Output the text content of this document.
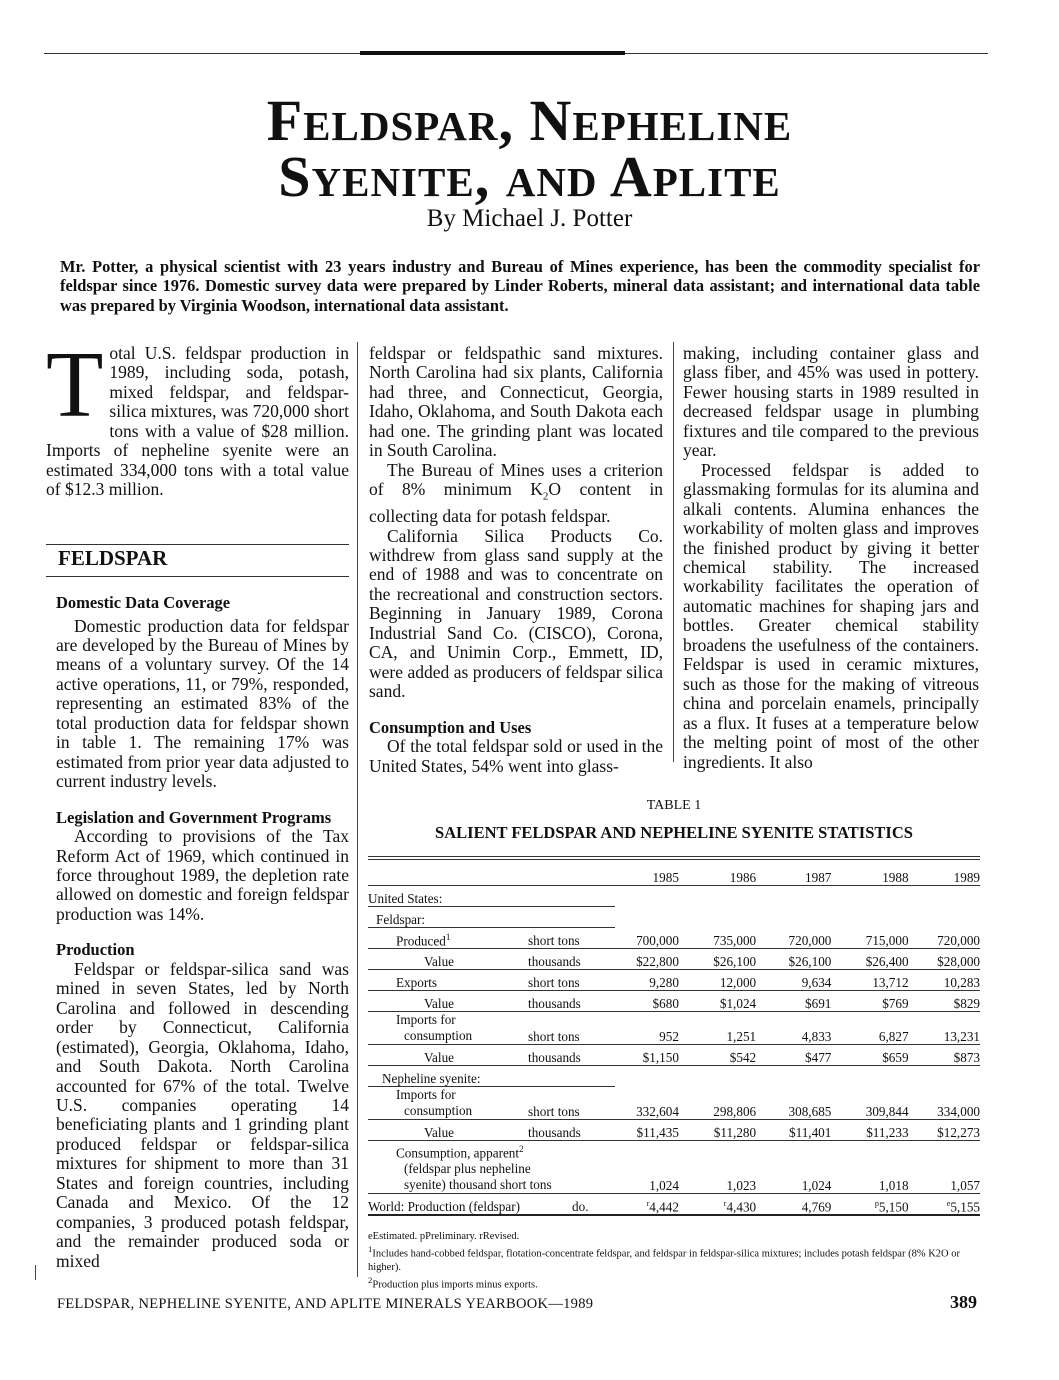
Feldspar, Nepheline
Syenite, and Aplite
By Michael J. Potter
Mr. Potter, a physical scientist with 23 years industry and Bureau of Mines experience, has been the commodity specialist for feldspar since 1976. Domestic survey data were prepared by Linder Roberts, mineral data assistant; and international data table was prepared by Virginia Woodson, international data assistant.

Total U.S. feldspar production in 1989, including soda, potash, mixed feldspar, and feldspar-silica mixtures, was 720,000 short tons with a value of $28 million. Imports of nepheline syenite were an estimated 334,000 tons with a total value of $12.3 million.

FELDSPAR
Domestic Data Coverage

Domestic production data for feldspar are developed by the Bureau of Mines by means of a voluntary survey. Of the 14 active operations, 11, or 79%, responded, representing an estimated 83% of the total production data for feldspar shown in table 1. The remaining 17% was estimated from prior year data adjusted to current industry levels.

Legislation and Government Programs

According to provisions of the Tax Reform Act of 1969, which continued in force throughout 1989, the depletion rate allowed on domestic and foreign feldspar production was 14%.

Production

Feldspar or feldspar-silica sand was mined in seven States, led by North Carolina and followed in descending order by Connecticut, California (estimated), Georgia, Oklahoma, Idaho, and South Dakota. North Carolina accounted for 67% of the total. Twelve U.S. companies operating 14 beneficiating plants and 1 grinding plant produced feldspar or feldspar-silica mixtures for shipment to more than 31 States and foreign countries, including Canada and Mexico. Of the 12 companies, 3 produced potash feldspar, and the remainder produced soda or mixed

feldspar or feldspathic sand mixtures. North Carolina had six plants, California had three, and Connecticut, Georgia, Idaho, Oklahoma, and South Dakota each had one. The grinding plant was located in South Carolina.

The Bureau of Mines uses a criterion of 8% minimum $K_2O$ content in collecting data for potash feldspar.

California Silica Products Co. withdrew from glass sand supply at the end of 1988 and was to concentrate on the recreational and construction sectors. Beginning in January 1989, Corona Industrial Sand Co. (CISCO), Corona, CA, and Unimin Corp., Emmett, ID, were added as producers of feldspar silica sand.

Consumption and Uses

Of the total feldspar sold or used in the United States, 54% went into glass-

making, including container glass and glass fiber, and 45% was used in pottery. Fewer housing starts in 1989 resulted in decreased feldspar usage in plumbing fixtures and tile compared to the previous year.

Processed feldspar is added to glassmaking formulas for its alumina and alkali contents. Alumina enhances the workability of molten glass and improves the finished product by giving it better chemical stability. The increased workability facilitates the operation of automatic machines for shaping jars and bottles. Greater chemical stability broadens the usefulness of the containers. Feldspar is used in ceramic mixtures, such as those for the making of vitreous china and porcelain enamels, principally as a flux. It fuses at a temperature below the melting point of most of the other ingredients. It also

TABLE 1
SALIENT FELDSPAR AND NEPHELINE SYENITE STATISTICS
		1985	1986	1987	1988	1989
United States:						
Feldspar:						
Produced$^1$	short tons	700,000	735,000	720,000	715,000	720,000
Value	thousands	$22,800	$26,100	$26,100	$26,400	$28,000
Exports	short tons	9,280	12,000	9,634	13,712	10,283
Value	thousands	$680	$1,024	$691	$769	$829
Imports for
consumption	short tons	952	1,251	4,833	6,827	13,231
Value	thousands	$1,150	$542	$477	$659	$873
Nepheline syenite:						
Imports for
consumption	short tons	332,604	298,806	308,685	309,844	334,000
Value	thousands	$11,435	$11,280	$11,401	$11,233	$12,273
Consumption, apparent$^2$
(feldspar plus nepheline
syenite) thousand short tons		1,024	1,023	1,024	1,018	1,057
World: Production (feldspar)	do.	$^r$4,442	$^r$4,430	4,769	$^p$5,150	$^e$5,155
eEstimated. pPreliminary. rRevised.
$^1$Includes hand-cobbed feldspar, flotation-concentrate feldspar, and feldspar in feldspar-silica mixtures; includes potash feldspar (8% K2O or higher).
$^2$Production plus imports minus exports.
FELDSPAR, NEPHELINE SYENITE, AND APLITE MINERALS YEARBOOK—1989	389
